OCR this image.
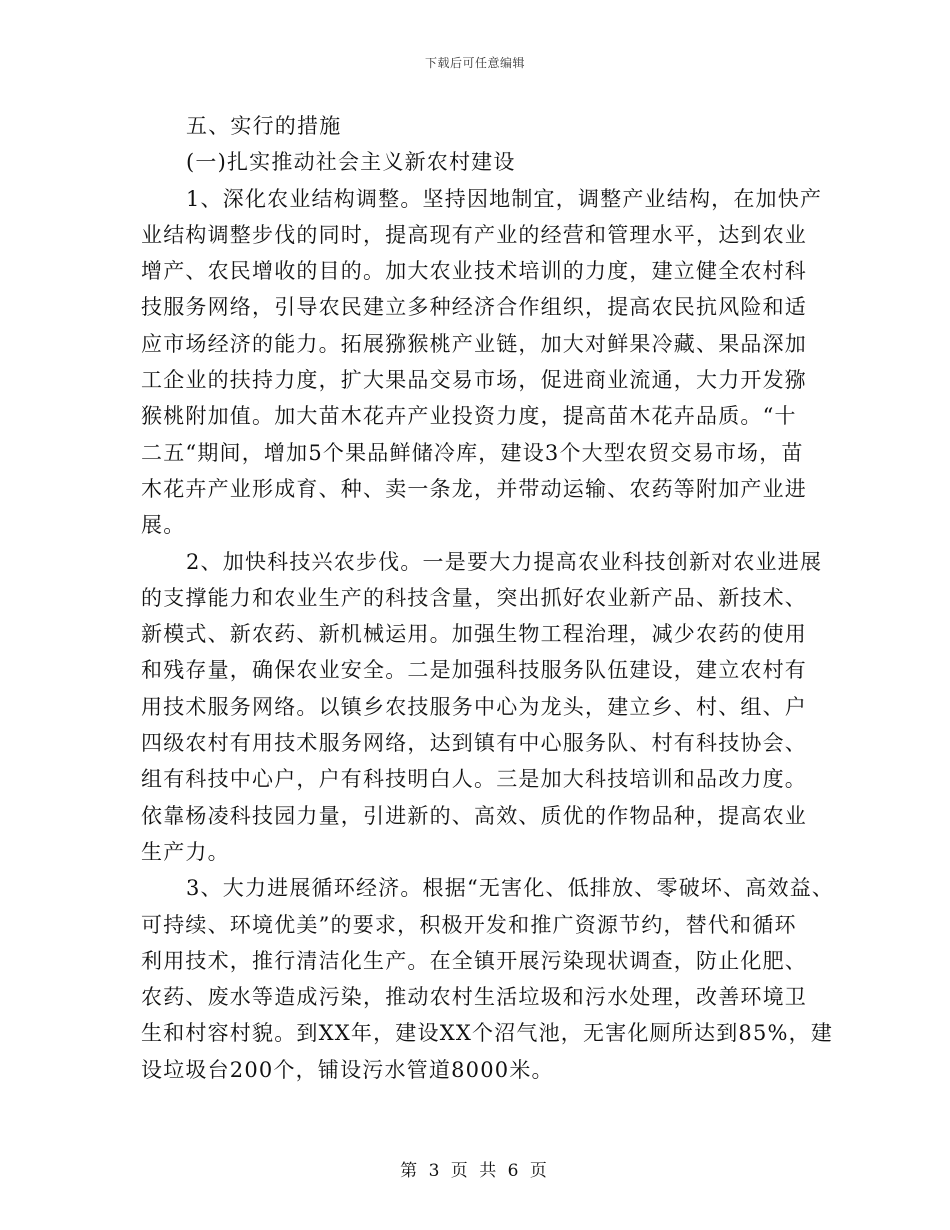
下载后可任意编辑
五、实行的措施
(一)扎实推动社会主义新农村建设
1、深化农业结构调整。坚持因地制宜，调整产业结构，在加快产
业结构调整步伐的同时，提高现有产业的经营和管理水平，达到农业
增产、农民增收的目的。加大农业技术培训的力度，建立健全农村科
技服务网络，引导农民建立多种经济合作组织，提高农民抗风险和适
应市场经济的能力。拓展猕猴桃产业链，加大对鲜果冷藏、果品深加
工企业的扶持力度，扩大果品交易市场，促进商业流通，大力开发猕
猴桃附加值。加大苗木花卉产业投资力度，提高苗木花卉品质。“十
二五“期间，增加5个果品鲜储冷库，建设3个大型农贸交易市场，苗
木花卉产业形成育、种、卖一条龙，并带动运输、农药等附加产业进
展。
2、加快科技兴农步伐。一是要大力提高农业科技创新对农业进展
的支撑能力和农业生产的科技含量，突出抓好农业新产品、新技术、
新模式、新农药、新机械运用。加强生物工程治理，减少农药的使用
和残存量，确保农业安全。二是加强科技服务队伍建设，建立农村有
用技术服务网络。以镇乡农技服务中心为龙头，建立乡、村、组、户
四级农村有用技术服务网络，达到镇有中心服务队、村有科技协会、
组有科技中心户，户有科技明白人。三是加大科技培训和品改力度。
依靠杨凌科技园力量，引进新的、高效、质优的作物品种，提高农业
生产力。
3、大力进展循环经济。根据“无害化、低排放、零破坏、高效益、
可持续、环境优美”的要求，积极开发和推广资源节约，替代和循环
利用技术，推行清洁化生产。在全镇开展污染现状调查，防止化肥、
农药、废水等造成污染，推动农村生活垃圾和污水处理，改善环境卫
生和村容村貌。到XX年，建设XX个沼气池，无害化厕所达到85%，建
设垃圾台200个，铺设污水管道8000米。
第 3 页 共 6 页
